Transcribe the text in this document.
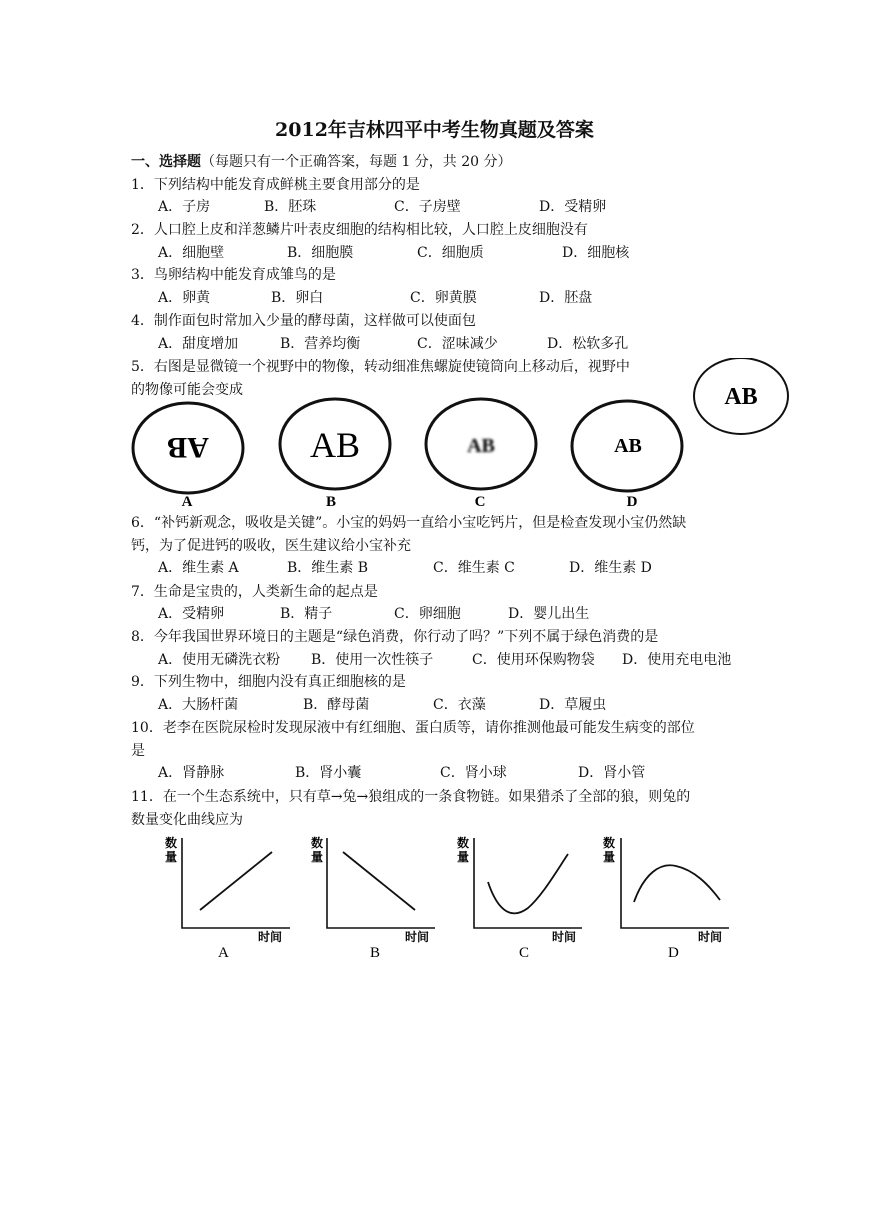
2012年吉林四平中考生物真题及答案
一、选择题（每题只有一个正确答案，每题 1 分，共 20 分）
1．下列结构中能发育成鲜桃主要食用部分的是
A．子房	B．胚珠	C．子房壁	D．受精卵
2．人口腔上皮和洋葱鳞片叶表皮细胞的结构相比较，人口腔上皮细胞没有
A．细胞壁	B．细胞膜	C．细胞质	D．细胞核
3．鸟卵结构中能发育成雏鸟的是
A．卵黄	B．卵白	C．卵黄膜	D．胚盘
4．制作面包时常加入少量的酵母菌，这样做可以使面包
A．甜度增加	B．营养均衡	C．涩味减少	D．松软多孔
5．右图是显微镜一个视野中的物像，转动细准焦螺旋使镜筒向上移动后，视野中
的物像可能会变成	AB
AB
A
AB
B
AB
C
AB
D
6．“补钙新观念，吸收是关键”。小宝的妈妈一直给小宝吃钙片，但是检查发现小宝仍然缺
钙，为了促进钙的吸收，医生建议给小宝补充
A．维生素 A	B．维生素 B	C．维生素 C	D．维生素 D
7．生命是宝贵的，人类新生命的起点是
A．受精卵	B．精子	C．卵细胞	D．婴儿出生
8．今年我国世界环境日的主题是“绿色消费，你行动了吗？”下列不属于绿色消费的是
A．使用无磷洗衣粉 B．使用一次性筷子	C．使用环保购物袋 D．使用充电电池
9．下列生物中，细胞内没有真正细胞核的是
A．大肠杆菌	B．酵母菌	C．衣藻	D．草履虫
10．老李在医院尿检时发现尿液中有红细胞、蛋白质等，请你推测他最可能发生病变的部位
是
A．肾静脉	B．肾小囊	C．肾小球	D．肾小管
11．在一个生态系统中，只有草→兔→狼组成的一条食物链。如果猎杀了全部的狼，则兔的
数量变化曲线应为
数
量
时间
A
数
量
时间
B
数
量
时间
C
数
量
时间
D
